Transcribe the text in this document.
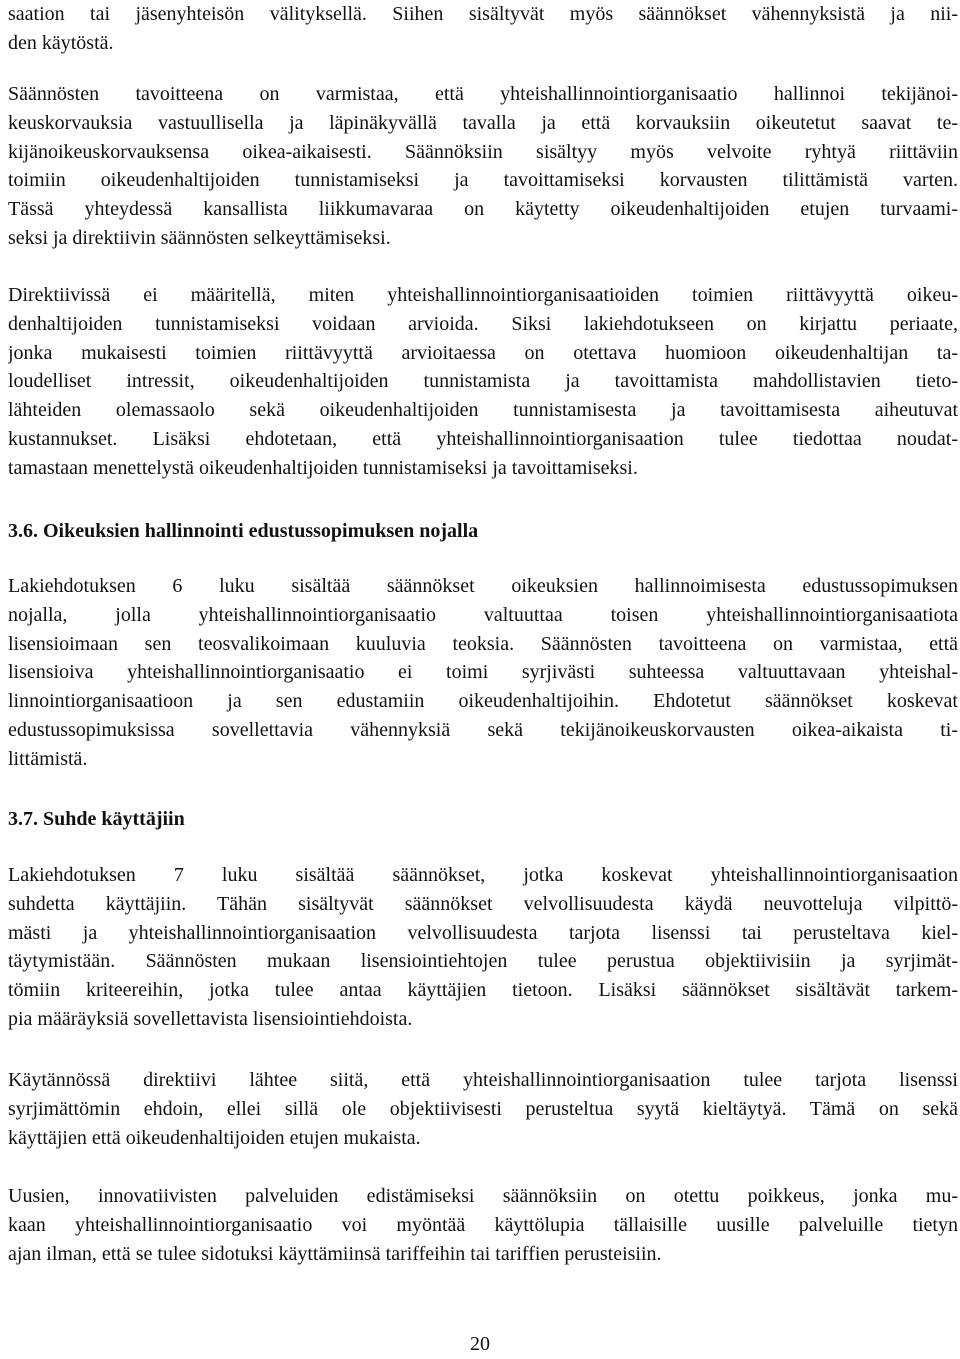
saation tai jäsenyhteisön välityksellä. Siihen sisältyvät myös säännökset vähennyksistä ja nii-
den käytöstä.
Säännösten tavoitteena on varmistaa, että yhteishallinnointiorganisaatio hallinnoi tekijänoi-
keuskorvauksia vastuullisella ja läpinäkyvällä tavalla ja että korvauksiin oikeutetut saavat te-
kijänoikeuskorvauksensa oikea-aikaisesti. Säännöksiin sisältyy myös velvoite ryhtyä riittäviin
toimiin oikeudenhaltijoiden tunnistamiseksi ja tavoittamiseksi korvausten tilittämistä varten.
Tässä yhteydessä kansallista liikkumavaraa on käytetty oikeudenhaltijoiden etujen turvaami-
seksi ja direktiivin säännösten selkeyttämiseksi.
Direktiivissä ei määritellä, miten yhteishallinnointiorganisaatioiden toimien riittävyyttä oikeu-
denhaltijoiden tunnistamiseksi voidaan arvioida. Siksi lakiehdotukseen on kirjattu periaate,
jonka mukaisesti toimien riittävyyttä arvioitaessa on otettava huomioon oikeudenhaltijan ta-
loudelliset intressit, oikeudenhaltijoiden tunnistamista ja tavoittamista mahdollistavien tieto-
lähteiden olemassaolo sekä oikeudenhaltijoiden tunnistamisesta ja tavoittamisesta aiheutuvat
kustannukset. Lisäksi ehdotetaan, että yhteishallinnointiorganisaation tulee tiedottaa noudat-
tamastaan menettelystä oikeudenhaltijoiden tunnistamiseksi ja tavoittamiseksi.
3.6. Oikeuksien hallinnointi edustussopimuksen nojalla
Lakiehdotuksen 6 luku sisältää säännökset oikeuksien hallinnoimisesta edustussopimuksen
nojalla, jolla yhteishallinnointiorganisaatio valtuuttaa toisen yhteishallinnointiorganisaatiota
lisensioimaan sen teosvalikoimaan kuuluvia teoksia. Säännösten tavoitteena on varmistaa, että
lisensioiva yhteishallinnointiorganisaatio ei toimi syrjivästi suhteessa valtuuttavaan yhteishal-
linnointiorganisaatioon ja sen edustamiin oikeudenhaltijoihin. Ehdotetut säännökset koskevat
edustussopimuksissa sovellettavia vähennyksiä sekä tekijänoikeuskorvausten oikea-aikaista ti-
littämistä.
3.7. Suhde käyttäjiin
Lakiehdotuksen 7 luku sisältää säännökset, jotka koskevat yhteishallinnointiorganisaation
suhdetta käyttäjiin. Tähän sisältyvät säännökset velvollisuudesta käydä neuvotteluja vilpittö-
mästi ja yhteishallinnointiorganisaation velvollisuudesta tarjota lisenssi tai perusteltava kiel-
täytymistään. Säännösten mukaan lisensiointiehtojen tulee perustua objektiivisiin ja syrjimät-
tömiin kriteereihin, jotka tulee antaa käyttäjien tietoon. Lisäksi säännökset sisältävät tarkem-
pia määräyksiä sovellettavista lisensiointiehdoista.
Käytännössä direktiivi lähtee siitä, että yhteishallinnointiorganisaation tulee tarjota lisenssi
syrjimättömin ehdoin, ellei sillä ole objektiivisesti perusteltua syytä kieltäytyä. Tämä on sekä
käyttäjien että oikeudenhaltijoiden etujen mukaista.
Uusien, innovatiivisten palveluiden edistämiseksi säännöksiin on otettu poikkeus, jonka mu-
kaan yhteishallinnointiorganisaatio voi myöntää käyttölupia tällaisille uusille palveluille tietyn
ajan ilman, että se tulee sidotuksi käyttämiinsä tariffeihin tai tariffien perusteisiin.
20
